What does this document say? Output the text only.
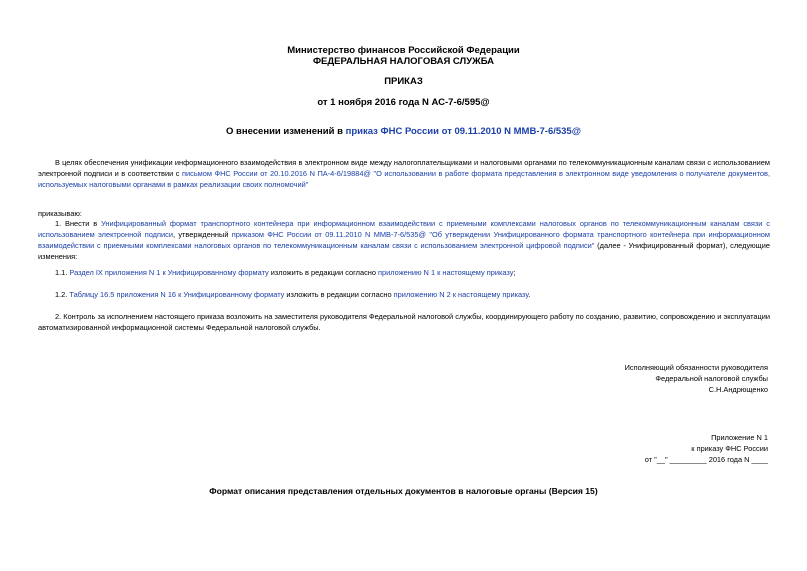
Министерство финансов Российской Федерации
ФЕДЕРАЛЬНАЯ НАЛОГОВАЯ СЛУЖБА
ПРИКАЗ
от 1 ноября 2016 года N АС-7-6/595@
О внесении изменений в приказ ФНС России от 09.11.2010 N ММВ-7-6/535@
В целях обеспечения унификации информационного взаимодействия в электронном виде между налогоплательщиками и налоговыми органами по телекоммуникационным каналам связи с использованием электронной подписи и в соответствии с письмом ФНС России от 20.10.2016 N ПА-4-6/19884@ "О использовании в работе формата представления в электронном виде уведомления о получателе документов, используемых налоговыми органами в рамках реализации своих полномочий"
приказываю:
1. Внести в Унифицированный формат транспортного контейнера при информационном взаимодействии с приемными комплексами налоговых органов по телекоммуникационным каналам связи с использованием электронной подписи, утвержденный приказом ФНС России от 09.11.2010 N ММВ-7-6/535@ "Об утверждении Унифицированного формата транспортного контейнера при информационном взаимодействии с приемными комплексами налоговых органов по телекоммуникационным каналам связи с использованием электронной цифровой подписи" (далее - Унифицированный формат), следующие изменения:
1.1. Раздел IX приложения N 1 к Унифицированному формату изложить в редакции согласно приложению N 1 к настоящему приказу;
1.2. Таблицу 16.5 приложения N 16 к Унифицированному формату изложить в редакции согласно приложению N 2 к настоящему приказу.
2. Контроль за исполнением настоящего приказа возложить на заместителя руководителя Федеральной налоговой службы, координирующего работу по созданию, развитию, сопровождению и эксплуатации автоматизированной информационной системы Федеральной налоговой службы.
Исполняющий обязанности руководителя
Федеральной налоговой службы
С.Н.Андрющенко
Приложение N 1
к приказу ФНС России
от "__" _________ 2016 года N ____
Формат описания представления отдельных документов в налоговые органы (Версия 15)
